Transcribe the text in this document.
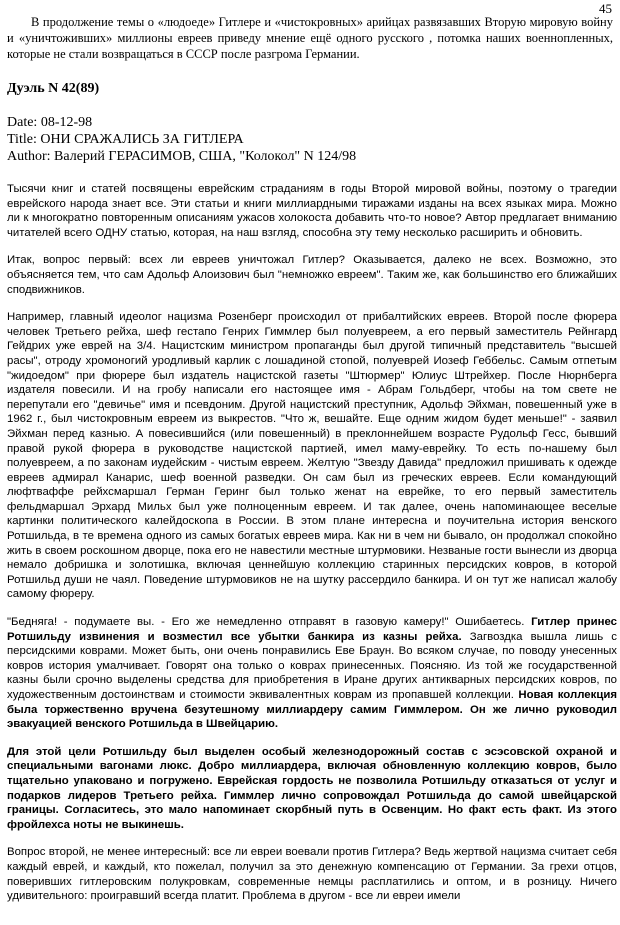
45

В продолжение темы о «людоеде» Гитлере и «чистокровных» арийцах развязавших Вторую мировую войну и «уничтоживших» миллионы евреев приведу мнение ещё одного русского , потомка наших военнопленных, которые не стали возвращаться в СССР после разгрома Германии.

Дуэль N 42(89)
Date: 08-12-98
Title: ОНИ СРАЖАЛИСЬ ЗА ГИТЛЕРА
Author: Валерий ГЕРАСИМОВ, США, "Колокол" N 124/98

Тысячи книг и статей посвящены еврейским страданиям в годы Второй мировой войны, поэтому о трагедии еврейского народа знает все. Эти статьи и книги миллиардными тиражами изданы на всех языках мира. Можно ли к многократно повторенным описаниям ужасов холокоста добавить что-то новое? Автор предлагает вниманию читателей всего ОДНУ статью, которая, на наш взгляд, способна эту тему несколько расширить и обновить.

Итак, вопрос первый: всех ли евреев уничтожал Гитлер? Оказывается, далеко не всех. Возможно, это объясняется тем, что сам Адольф Алоизович был "немножко евреем". Таким же, как большинство его ближайших сподвижников.

Например, главный идеолог нацизма Розенберг происходил от прибалтийских евреев. Второй после фюрера человек Третьего рейха, шеф гестапо Генрих Гиммлер был полуевреем, а его первый заместитель Рейнгард Гейдрих уже еврей на 3/4. Нацистским министром пропаганды был другой типичный представитель "высшей расы", отроду хромоногий уродливый карлик с лошадиной стопой, полуеврей Иозеф Геббельс. Самым отпетым "жидоедом" при фюрере был издатель нацистской газеты "Штюрмер" Юлиус Штрейхер. После Нюрнберга издателя повесили. И на гробу написали его настоящее имя - Абрам Гольдберг, чтобы на том свете не перепутали его "девичье" имя и псевдоним. Другой нацистский преступник, Адольф Эйхман, повешенный уже в 1962 г., был чистокровным евреем из выкрестов. "Что ж, вешайте. Еще одним жидом будет меньше!" - заявил Эйхман перед казнью. А повесившийся (или повешенный) в преклоннейшем возрасте Рудольф Гесс, бывший правой рукой фюрера в руководстве нацистской партией, имел маму-еврейку. То есть по-нашему был полуевреем, а по законам иудейским - чистым евреем. Желтую "Звезду Давида" предложил пришивать к одежде евреев адмирал Канарис, шеф военной разведки. Он сам был из греческих евреев. Если командующий люфтваффе рейхсмаршал Герман Геринг был только женат на еврейке, то его первый заместитель фельдмаршал Эрхард Мильх был уже полноценным евреем. И так далее, очень напоминающее веселые картинки политического калейдоскопа в России. В этом плане интересна и поучительна история венского Ротшильда, в те времена одного из самых богатых евреев мира. Как ни в чем ни бывало, он продолжал спокойно жить в своем роскошном дворце, пока его не навестили местные штурмовики. Незваные гости вынесли из дворца немало добришка и золотишка, включая ценнейшую коллекцию старинных персидских ковров, в которой Ротшильд души не чаял. Поведение штурмовиков не на шутку рассердило банкира. И он тут же написал жалобу самому фюреру.

"Бедняга! - подумаете вы. - Его же немедленно отправят в газовую камеру!" Ошибаетесь. Гитлер принес Ротшильду извинения и возместил все убытки банкира из казны рейха. Загвоздка вышла лишь с персидскими коврами. Может быть, они очень понравились Еве Браун. Во всяком случае, по поводу унесенных ковров история умалчивает. Говорят она только о коврах принесенных. Поясняю. Из той же государственной казны были срочно выделены средства для приобретения в Иране других антикварных персидских ковров, по художественным достоинствам и стоимости эквивалентных коврам из пропавшей коллекции. Новая коллекция была торжественно вручена безутешному миллиардеру самим Гиммлером. Он же лично руководил эвакуацией венского Ротшильда в Швейцарию.

Для этой цели Ротшильду был выделен особый железнодорожный состав с эсэсовской охраной и специальными вагонами люкс. Добро миллиардера, включая обновленную коллекцию ковров, было тщательно упаковано и погружено. Еврейская гордость не позволила Ротшильду отказаться от услуг и подарков лидеров Третьего рейха. Гиммлер лично сопровождал Ротшильда до самой швейцарской границы. Согласитесь, это мало напоминает скорбный путь в Освенцим. Но факт есть факт. Из этого фройлехса ноты не выкинешь.

Вопрос второй, не менее интересный: все ли евреи воевали против Гитлера? Ведь жертвой нацизма считает себя каждый еврей, и каждый, кто пожелал, получил за это денежную компенсацию от Германии. За грехи отцов, поверивших гитлеровским полукровкам, современные немцы расплатились и оптом, и в розницу. Ничего удивительного: проигравший всегда платит. Проблема в другом - все ли евреи имели
